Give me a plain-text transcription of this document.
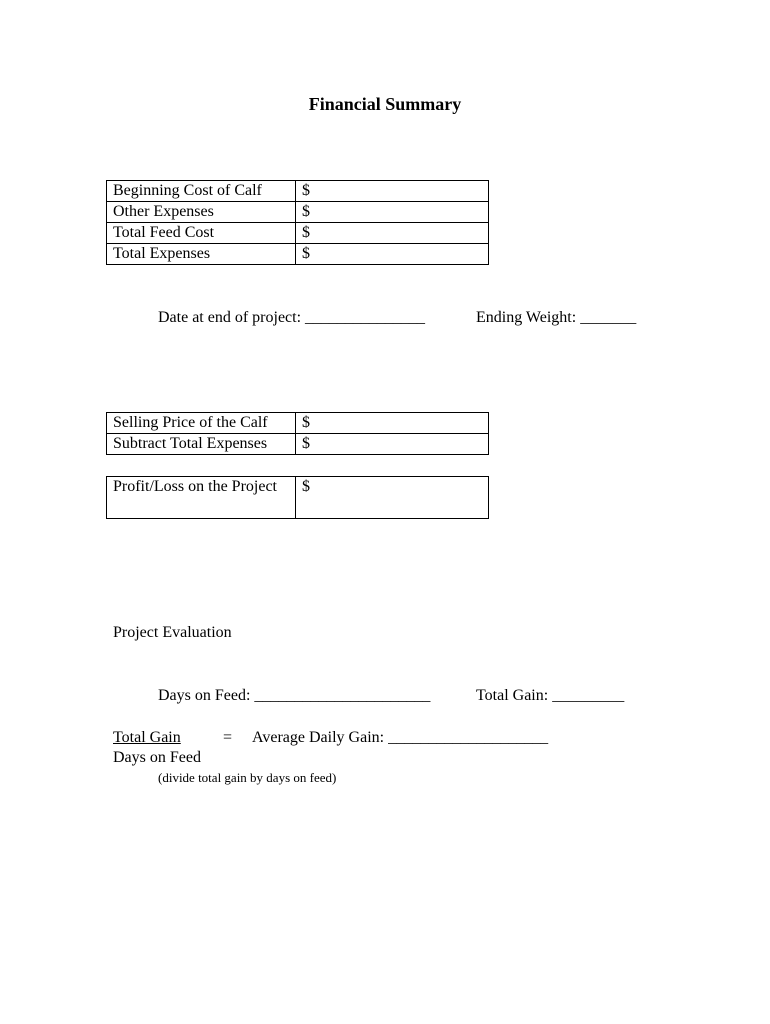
Financial Summary
Beginning Cost of Calf	$
Other Expenses	$
Total Feed Cost	$
Total Expenses	$
Date at end of project: _______________	Ending Weight: _______
Selling Price of the Calf	$
Subtract Total Expenses	$
Profit/Loss on the Project	$
Project Evaluation
Days on Feed: ______________________	Total Gain: _________
Total Gain	= Average Daily Gain: ____________________
Days on Feed
(divide total gain by days on feed)
